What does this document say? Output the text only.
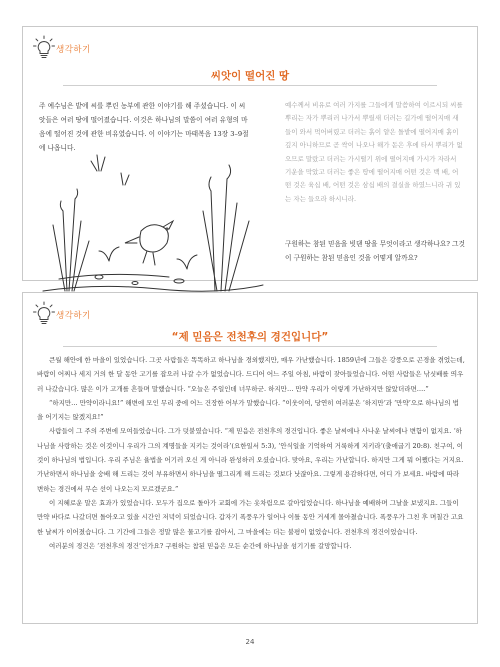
생각하기
씨앗이 떨어진 땅
주 예수님은 밭에 씨를 뿌린 농부에 관한 이야기를 해 주셨습니다. 이 씨앗들은 여러 땅에 떨어졌습니다. 이것은 하나님의 말씀이 여러 유형의 마음에 떨어진 것에 관한 비유였습니다. 이 이야기는 마태복음 13장 3–9절에 나옵니다.
예수께서 비유로 여러 가지를 그들에게 말씀하여 이르시되 씨를 뿌리는 자가 뿌리러 나가서 뿌릴새 더러는 길가에 떨어지매 새들이 와서 먹어버렸고 더러는 흙이 얕은 돌밭에 떨어지매 흙이 깊지 아니하므로 곧 싹이 나오나 해가 돋은 후에 타서 뿌리가 없으므로 말랐고 더러는 가시떨기 위에 떨어지매 가시가 자라서 기운을 막았고 더러는 좋은 땅에 떨어지매 어떤 것은 백 배, 어떤 것은 육십 배, 어떤 것은 삼십 배의 결실을 하였느니라 귀 있는 자는 들으라 하시니라.
구원하는 참된 믿음을 빗댄 땅을 무엇이라고 생각하나요? 그것이 구원하는 참된 믿음인 것을 어떻게 알까요?
생각하기
“제 믿음은 전천후의 경건입니다”

큰월 해안에 한 마을이 있었습니다. 그곳 사람들은 똑똑하고 하나님을 경외했지만, 매우 가난했습니다. 1859년에 그들은 강풍으로 곤경을 겪었는데, 바람이 어찌나 세지 거의 한 달 동안 고기를 잡으러 나갈 수가 없었습니다. 드디어 어느 주일 아침, 바람이 잦아들었습니다. 어떤 사람들은 낚싯배를 띄우러 나갔습니다. 많은 이가 고개를 흔들며 말했습니다. “오늘은 주일인데 너무하군. 하지만… 만약 우리가 이렇게 가난하지만 않았더라면….”

“하지만… 만약이라니요!” 해변에 모인 무리 중에 어느 건장한 어부가 말했습니다. “이웃이여, 당연히 여러분은 ‘하지만’과 ‘만약’으로 하나님의 법을 어기지는 않겠지요!”

사람들이 그 주의 주변에 모여들었습니다. 그가 덧붙였습니다. “제 믿음은 전천후의 경건입니다. 좋은 날씨에나 사나운 날씨에나 변함이 없지요. ‘하나님을 사랑하는 것은 이것이니 우리가 그의 계명들을 지키는 것이라’(요한일서 5:3), ‘안식일을 기억하여 거룩하게 지키라’(출애굽기 20:8). 친구여, 이것이 하나님의 법입니다. 우리 주님은 율법을 어기러 오신 게 아니라 완성하러 오셨습니다. 맞아요, 우리는 가난합니다. 하지만 그게 뭐 어쨌다는 거지요. 가난하면서 하나님을 숭배 해 드리는 것이 부유하면서 하나님을 떨그리게 해 드리는 것보다 낫잖아요. 그렇게 용감하다면, 어디 가 보세요. 바람에 따라 변하는 경건에서 무슨 선이 나오는지 모르겠군요.”

이 지혜로운 말은 효과가 있었습니다. 모두가 집으로 돌아가 교회에 가는 옷차림으로 갈아입었습니다. 하나님을 예배하며 그날을 보냈지요. 그들이 만약 바다로 나갔더면 돌아오고 있을 시간인 저녁이 되었습니다. 갑자기 폭풍우가 일어나 이틀 동안 거세게 몰아쳤습니다. 폭풍우가 그친 후 며칠간 고요한 날씨가 이어졌습니다. 그 기간에 그들은 정말 많은 물고기를 잡아서, 그 마을에는 더는 불평이 없었습니다. 전천후의 경건이었습니다.

여러분의 경건은 ‘전천후의 경건’인가요? 구원하는 참된 믿음은 모든 순간에 하나님을 섬기기를 갈망합니다.

24
